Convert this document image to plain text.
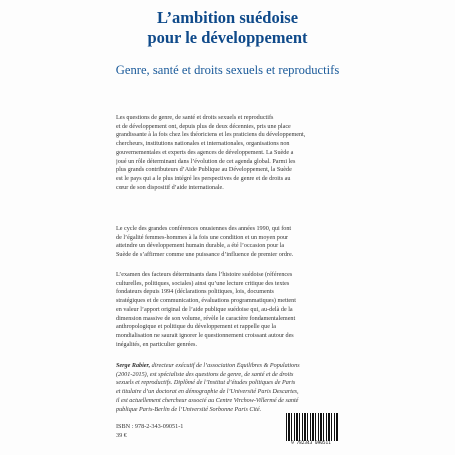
L’ambition suédoise
pour le développement
Genre, santé et droits sexuels et reproductifs
Les questions de genre, de santé et droits sexuels et reproductifs
et de développement ont, depuis plus de deux décennies, pris une place
grandissante à la fois chez les théoriciens et les praticiens du développement,
chercheurs, institutions nationales et internationales, organisations non
gouvernementales et experts des agences de développement. La Suède a
joué un rôle déterminant dans l’évolution de cet agenda global. Parmi les
plus grands contributeurs d’Aide Publique au Développement, la Suède
est le pays qui a le plus intégré les perspectives de genre et de droits au
cœur de son dispositif d’aide internationale.
Le cycle des grandes conférences onusiennes des années 1990, qui font
de l’égalité femmes-hommes à la fois une condition et un moyen pour
atteindre un développement humain durable, a été l’occasion pour la
Suède de s’affirmer comme une puissance d’influence de premier ordre.
L’examen des facteurs déterminants dans l’histoire suédoise (références
culturelles, politiques, sociales) ainsi qu’une lecture critique des textes
fondateurs depuis 1994 (déclarations politiques, lois, documents
stratégiques et de communication, évaluations programmatiques) mettent
en valeur l’apport original de l’aide publique suédoise qui, au-delà de la
dimension massive de son volume, révèle le caractère fondamentalement
anthropologique et politique du développement et rappelle que la
mondialisation ne saurait ignorer le questionnement croissant autour des
inégalités, en particulier genrées.
Serge Rabier, directeur exécutif de l’association Équilibres & Populations
(2001-2015), est spécialiste des questions de genre, de santé et de droits
sexuels et reproductifs. Diplômé de l’Institut d’études politiques de Paris
et titulaire d’un doctorat en démographie de l’Université Paris Descartes,
il est actuellement chercheur associé au Centre Virchow-Villermé de santé
publique Paris-Berlin de l’Université Sorbonne Paris Cité.
ISBN : 978-2-343-09051-1
39 €
9 782343 090511
